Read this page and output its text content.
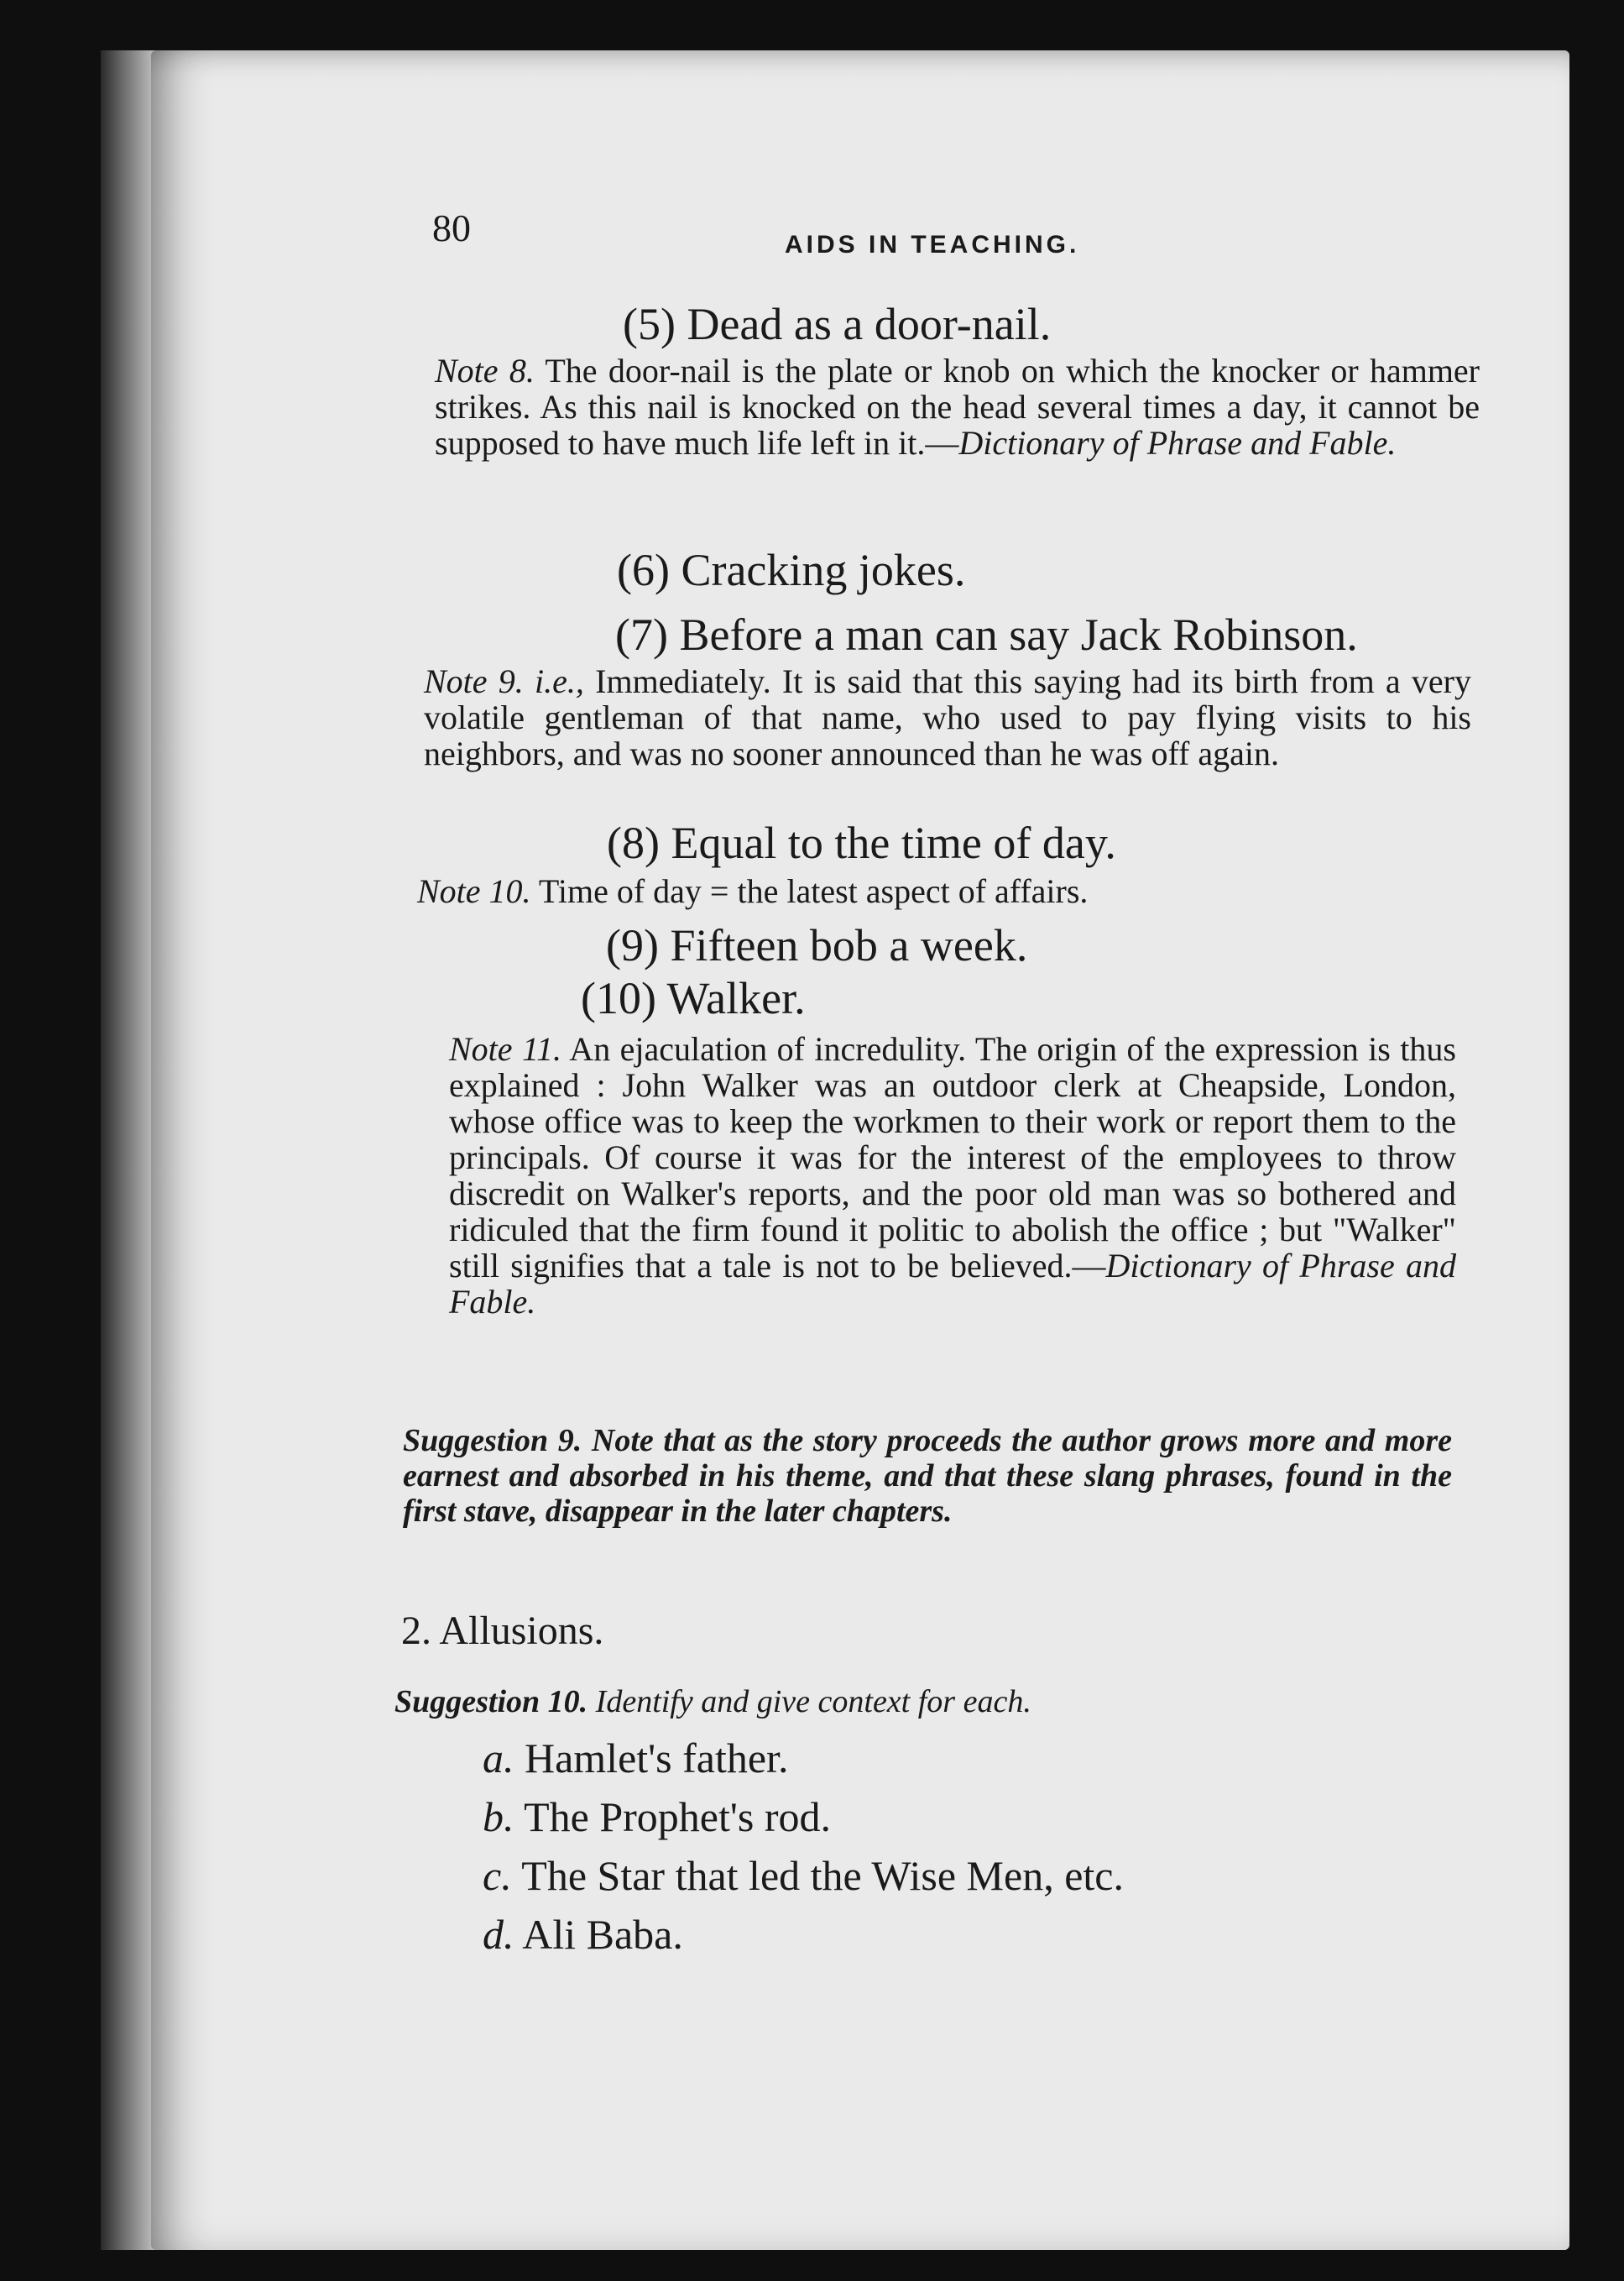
80	AIDS IN TEACHING.
(5) Dead as a door-nail.
Note 8. The door-nail is the plate or knob on which the knocker or hammer strikes. As this nail is knocked on the head several times a day, it cannot be supposed to have much life left in it.—Dictionary of Phrase and Fable.
(6) Cracking jokes.
(7) Before a man can say Jack Robinson.
Note 9. i.e., Immediately. It is said that this saying had its birth from a very volatile gentleman of that name, who used to pay flying visits to his neighbors, and was no sooner announced than he was off again.
(8) Equal to the time of day.
Note 10. Time of day = the latest aspect of affairs.
(9) Fifteen bob a week.
(10) Walker.
Note 11. An ejaculation of incredulity. The origin of the expression is thus explained : John Walker was an outdoor clerk at Cheapside, London, whose office was to keep the workmen to their work or report them to the principals. Of course it was for the interest of the employees to throw discredit on Walker's reports, and the poor old man was so bothered and ridiculed that the firm found it politic to abolish the office ; but "Walker" still signifies that a tale is not to be believed.—Dictionary of Phrase and Fable.
Suggestion 9. Note that as the story proceeds the author grows more and more earnest and absorbed in his theme, and that these slang phrases, found in the first stave, disappear in the later chapters.
2. Allusions.
Suggestion 10. Identify and give context for each.
a. Hamlet's father.
b. The Prophet's rod.
c. The Star that led the Wise Men, etc.
d. Ali Baba.
